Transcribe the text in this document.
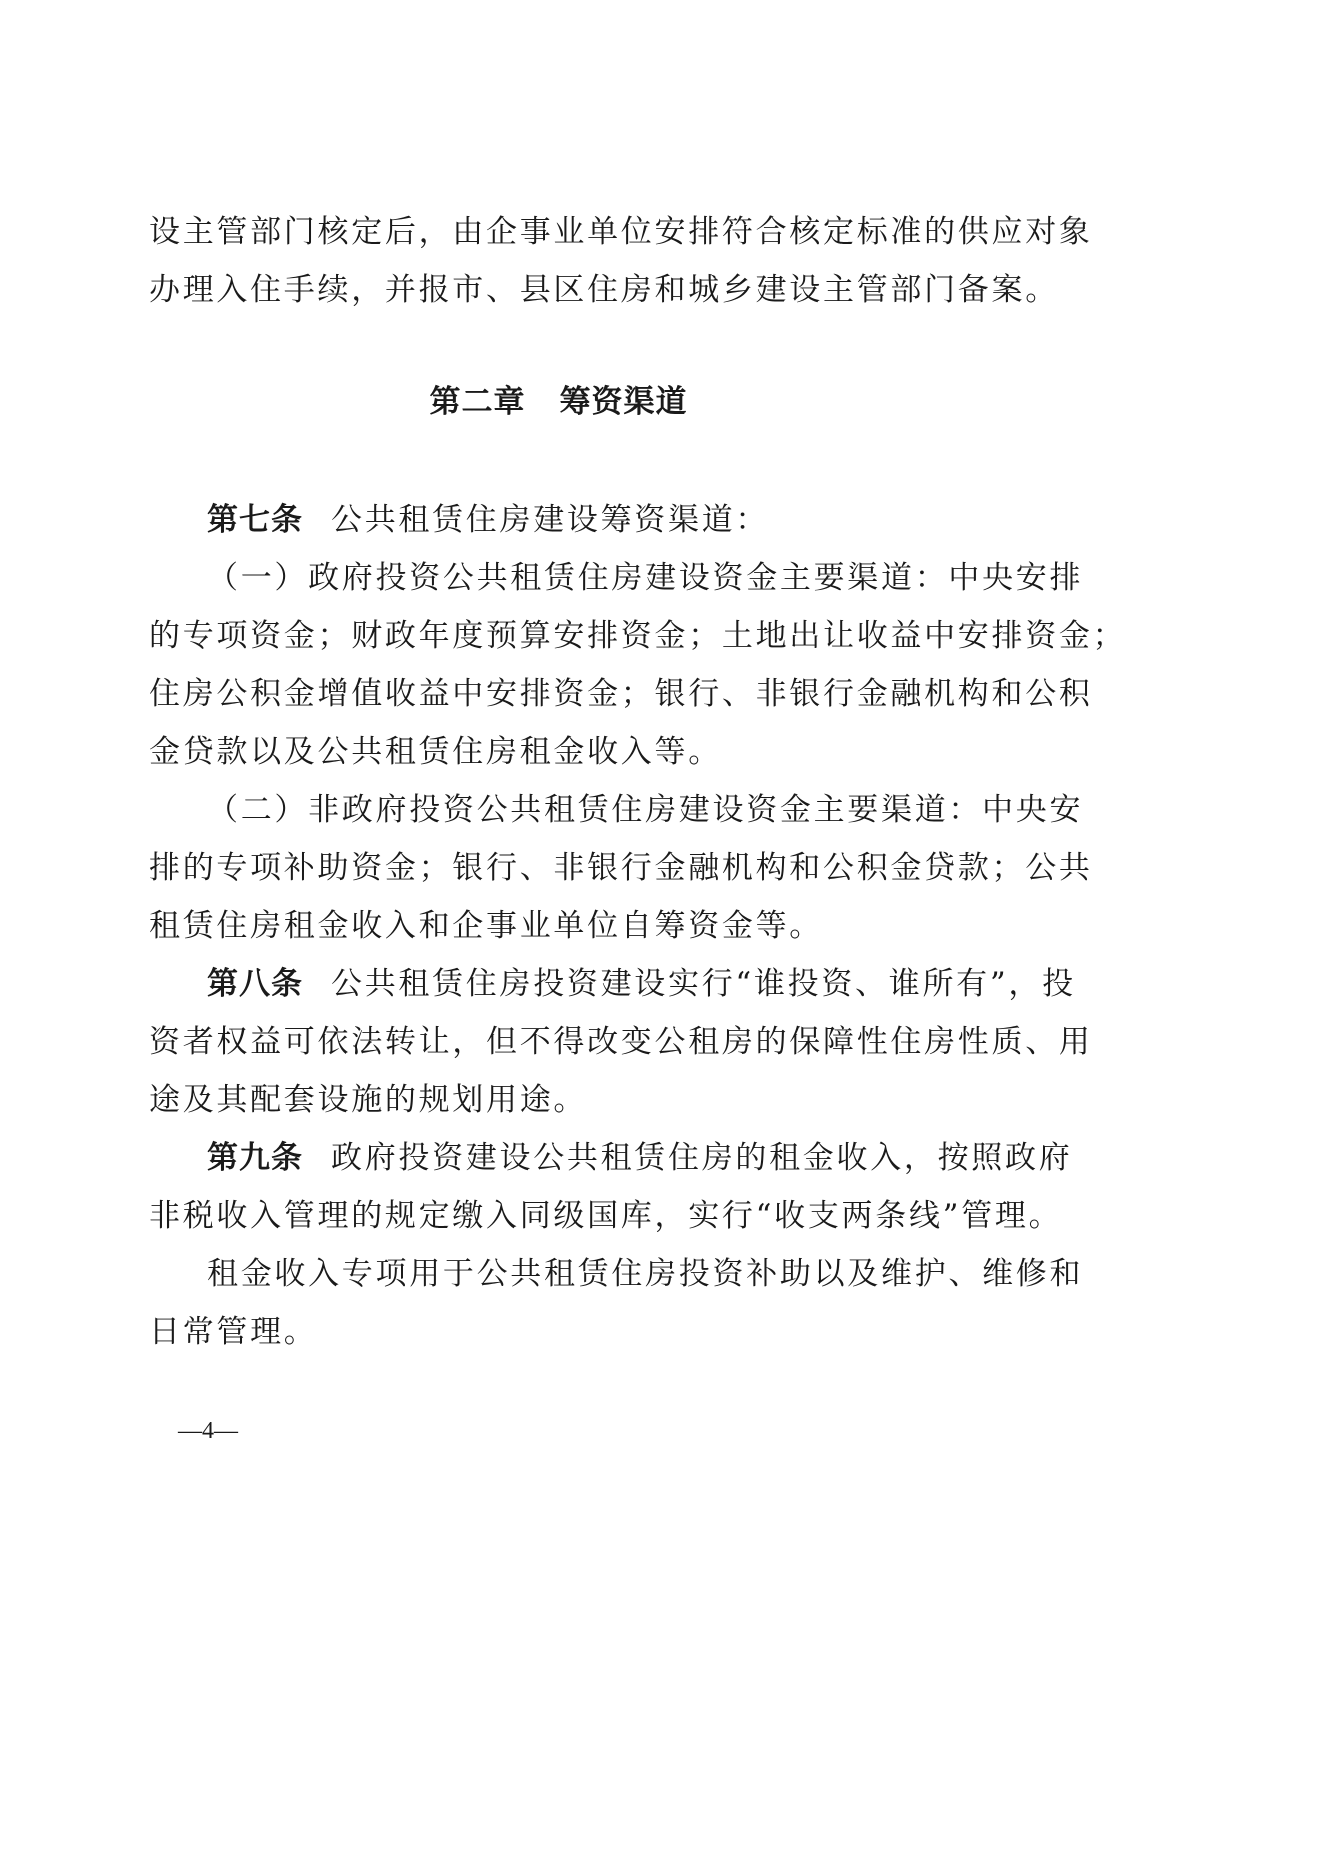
设主管部门核定后，由企事业单位安排符合核定标准的供应对象
办理入住手续，并报市、县区住房和城乡建设主管部门备案。
第二章 筹资渠道
第七条 公共租赁住房建设筹资渠道：
（一）政府投资公共租赁住房建设资金主要渠道：中央安排
的专项资金；财政年度预算安排资金；土地出让收益中安排资金；
住房公积金增值收益中安排资金；银行、非银行金融机构和公积
金贷款以及公共租赁住房租金收入等。
（二）非政府投资公共租赁住房建设资金主要渠道：中央安
排的专项补助资金；银行、非银行金融机构和公积金贷款；公共
租赁住房租金收入和企事业单位自筹资金等。
第八条 公共租赁住房投资建设实行“谁投资、谁所有”，投
资者权益可依法转让，但不得改变公租房的保障性住房性质、用
途及其配套设施的规划用途。
第九条 政府投资建设公共租赁住房的租金收入，按照政府
非税收入管理的规定缴入同级国库，实行“收支两条线”管理。
租金收入专项用于公共租赁住房投资补助以及维护、维修和
日常管理。
—4—
